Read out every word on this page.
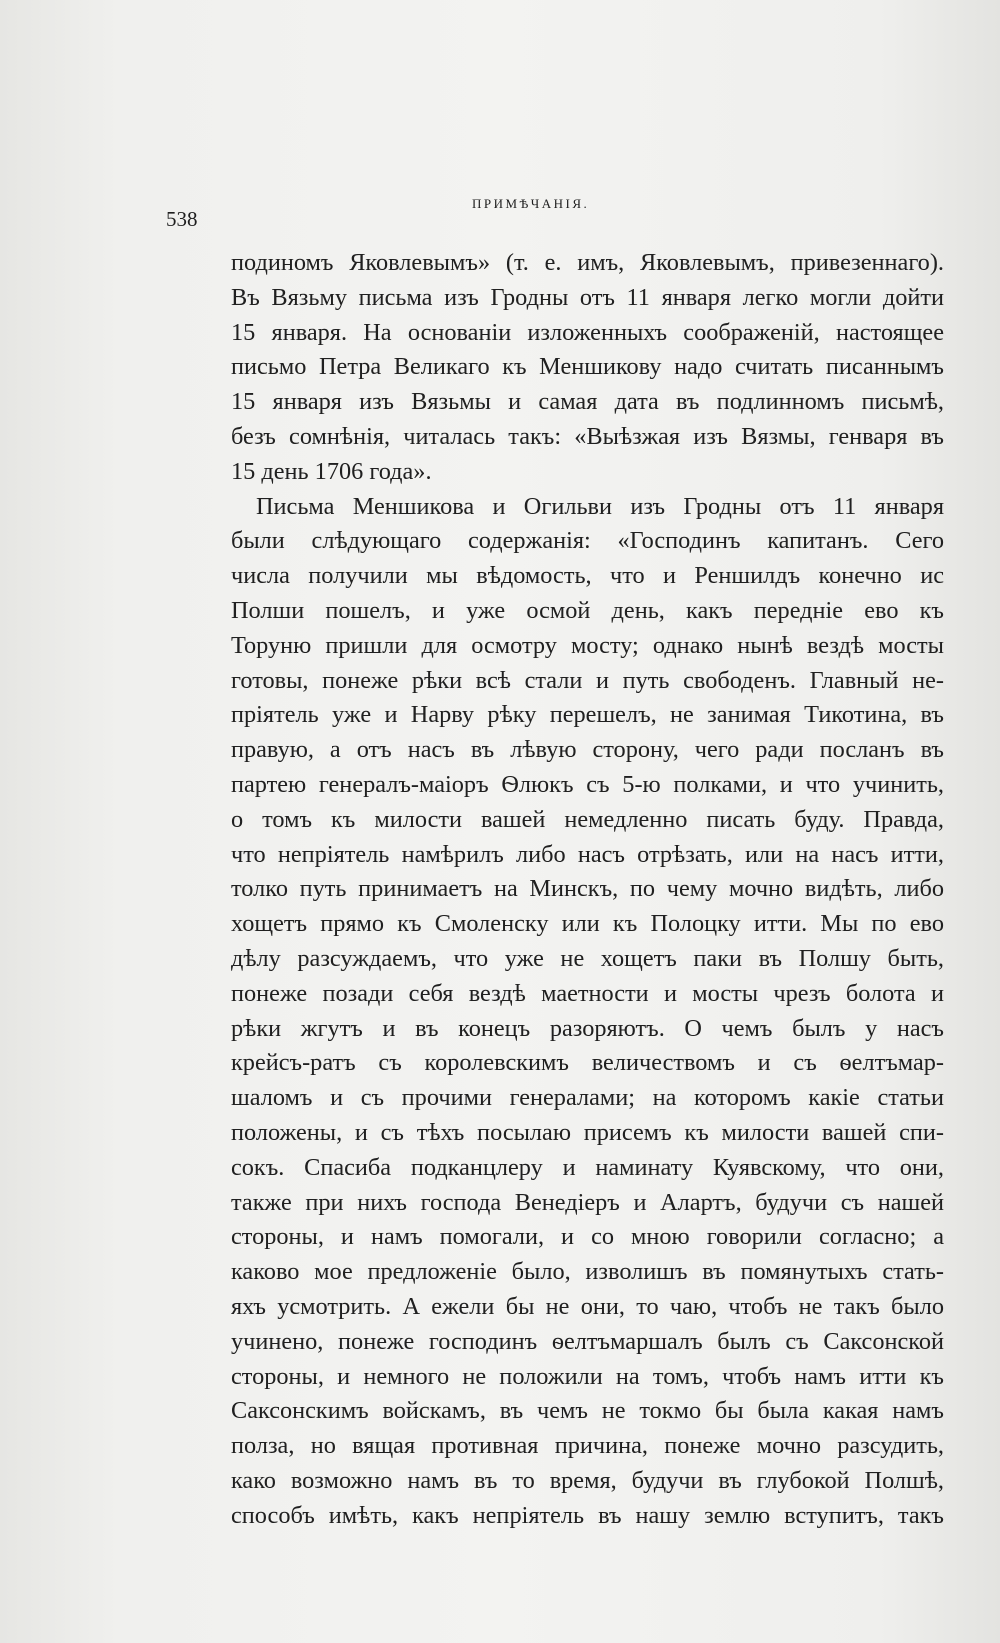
538
ПРИМѢЧАНІЯ.
подиномъ Яковлевымъ» (т. е. имъ, Яковлевымъ, привезеннаго).
Въ Вязьму письма изъ Гродны отъ 11 января легко могли дойти
15 января. На основаніи изложенныхъ соображеній, настоящее
письмо Петра Великаго къ Меншикову надо считать писаннымъ
15 января изъ Вязьмы и самая дата въ подлинномъ письмѣ,
безъ сомнѣнія, читалась такъ: «Выѣзжая изъ Вязмы, генваря въ
15 день 1706 года».
Письма Меншикова и Огильви изъ Гродны отъ 11 января
были слѣдующаго содержанія: «Господинъ капитанъ. Сего
числа получили мы вѣдомость, что и Реншилдъ конечно ис
Полши пошелъ, и уже осмой день, какъ передніе ево къ
Торуню пришли для осмотру мосту; однако нынѣ вездѣ мосты
готовы, понеже рѣки всѣ стали и путь свободенъ. Главный не-
пріятель уже и Нарву рѣку перешелъ, не занимая Тикотина, въ
правую, а отъ насъ въ лѣвую сторону, чего ради посланъ въ
партею генералъ-маіоръ Ѳлюкъ съ 5-ю полками, и что учинить,
о томъ къ милости вашей немедленно писать буду. Правда,
что непріятель намѣрилъ либо насъ отрѣзать, или на насъ итти,
толко путь принимаетъ на Минскъ, по чему мочно видѣть, либо
хощетъ прямо къ Смоленску или къ Полоцку итти. Мы по ево
дѣлу разсуждаемъ, что уже не хощетъ паки въ Полшу быть,
понеже позади себя вездѣ маетности и мосты чрезъ болота и
рѣки жгутъ и въ конецъ разоряютъ. О чемъ былъ у насъ
крейсъ-ратъ съ королевскимъ величествомъ и съ ѳелтъмар-
шаломъ и съ прочими генералами; на которомъ какіе статьи
положены, и съ тѣхъ посылаю присемъ къ милости вашей спи-
сокъ. Спасиба подканцлеру и наминату Куявскому, что они,
также при нихъ господа Венедіеръ и Алартъ, будучи съ нашей
стороны, и намъ помогали, и со мною говорили согласно; а
каково мое предложеніе было, изволишъ въ помянутыхъ стать-
яхъ усмотрить. А ежели бы не они, то чаю, чтобъ не такъ было
учинено, понеже господинъ ѳелтъмаршалъ былъ съ Саксонской
стороны, и немного не положили на томъ, чтобъ намъ итти къ
Саксонскимъ войскамъ, въ чемъ не токмо бы была какая намъ
полза, но вящая противная причина, понеже мочно разсудить,
како возможно намъ въ то время, будучи въ глубокой Полшѣ,
способъ имѣть, какъ непріятель въ нашу землю вступитъ, такъ
